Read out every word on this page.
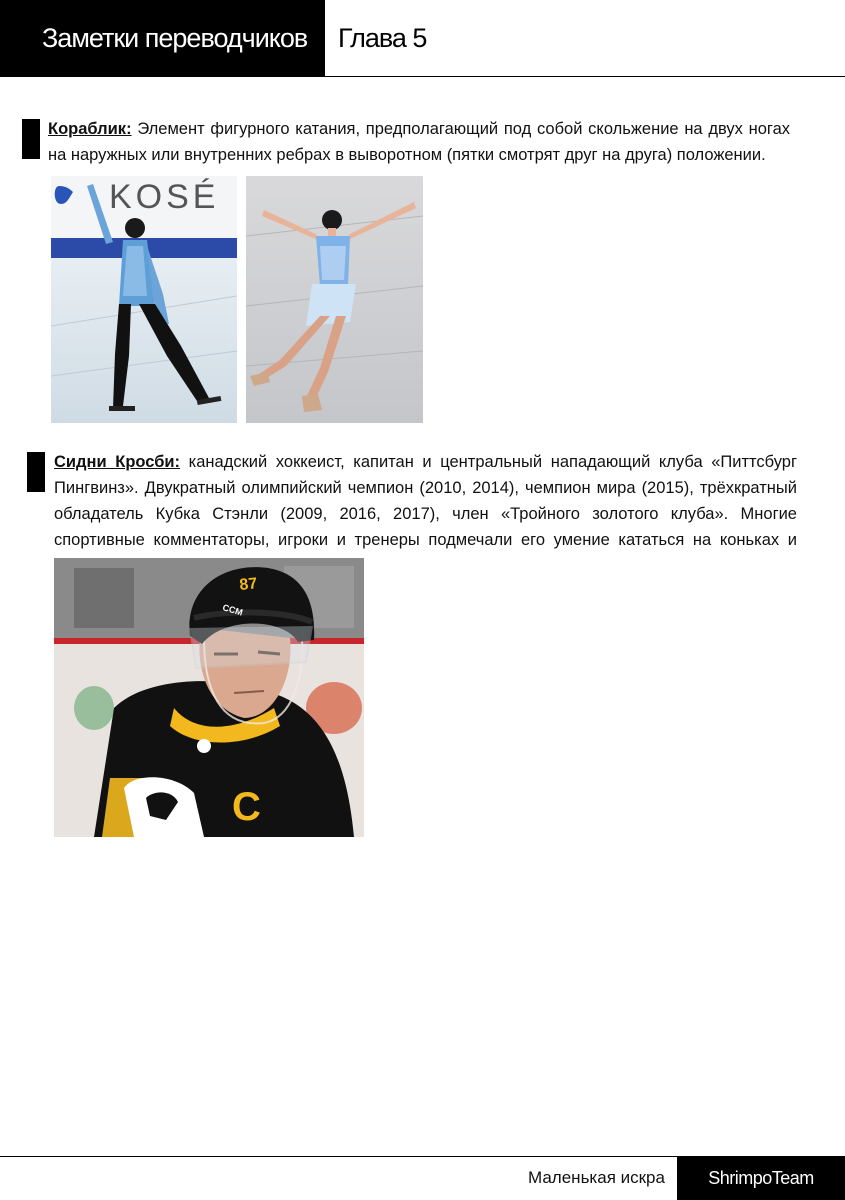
Заметки переводчиков	Глава 5
Кораблик: Элемент фигурного катания, предполагающий под собой скольжение на двух ногах на наружных или внутренних ребрах в выворотном (пятки смотрят друг на друга) положении.
KOSÉ
Сидни Кросби: канадский хоккеист, капитан и центральный нападающий клуба «Питтсбург Пингвинз». Двукратный олимпийский чемпион (2010, 2014), чемпион мира (2015), трёхкратный обладатель Кубка Стэнли (2009, 2016, 2017), член «Тройного золотого клуба». Многие спортивные комментаторы, игроки и тренеры подмечали его умение кататься на коньках и
C
87
CCM
Маленькая искра	ShrimpoTeam
